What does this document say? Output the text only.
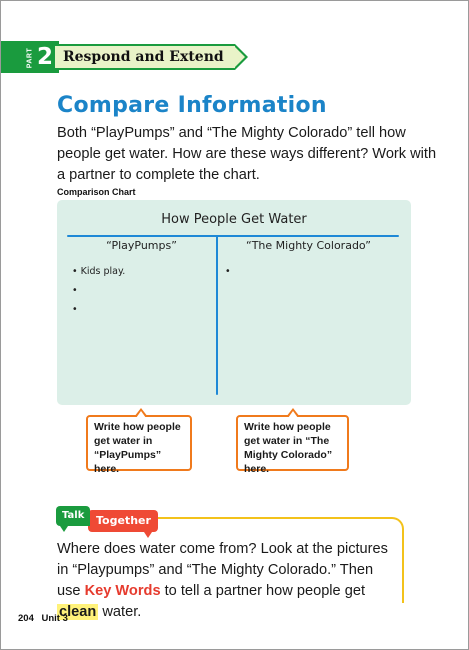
PART 2 Respond and Extend
Compare Information

Both “PlayPumps” and “The Mighty Colorado” tell how people get water. How are these ways different? Work with a partner to complete the chart.

Comparison Chart
How People Get Water
“PlayPumps”	“The Mighty Colorado”
• Kids play.
•
•
•
Write how people get water in “PlayPumps” here.
Write how people get water in “The Mighty Colorado” here.
Together
Talk

Where does water come from? Look at the pictures in “Playpumps” and “The Mighty Colorado.” Then use Key Words to tell a partner how people get clean water.

204 Unit 3
